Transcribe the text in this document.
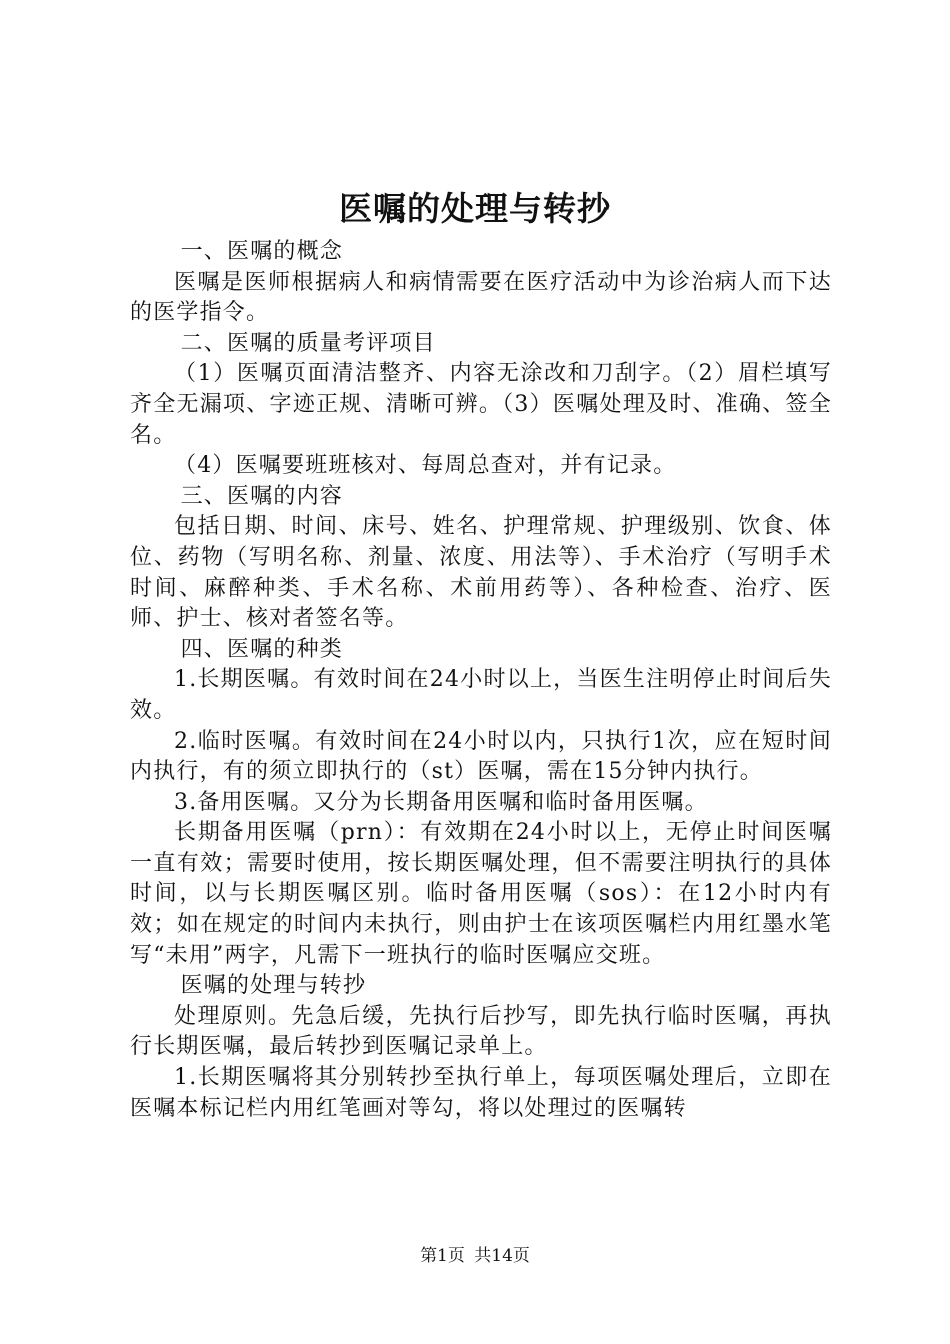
医嘱的处理与转抄

一、医嘱的概念

医嘱是医师根据病人和病情需要在医疗活动中为诊治病人而下达的医学指令。

二、医嘱的质量考评项目

（1）医嘱页面清洁整齐、内容无涂改和刀刮字。（2）眉栏填写齐全无漏项、字迹正规、清晰可辨。（3）医嘱处理及时、准确、签全名。

（4）医嘱要班班核对、每周总查对，并有记录。

三、医嘱的内容

包括日期、时间、床号、姓名、护理常规、护理级别、饮食、体位、药物（写明名称、剂量、浓度、用法等）、手术治疗（写明手术时间、麻醉种类、手术名称、术前用药等）、各种检查、治疗、医师、护士、核对者签名等。

四、医嘱的种类

1.长期医嘱。有效时间在24小时以上，当医生注明停止时间后失效。

2.临时医嘱。有效时间在24小时以内，只执行1次，应在短时间内执行，有的须立即执行的（st）医嘱，需在15分钟内执行。

3.备用医嘱。又分为长期备用医嘱和临时备用医嘱。

长期备用医嘱（prn）：有效期在24小时以上，无停止时间医嘱一直有效；需要时使用，按长期医嘱处理，但不需要注明执行的具体时间，以与长期医嘱区别。临时备用医嘱（sos）：在12小时内有效；如在规定的时间内未执行，则由护士在该项医嘱栏内用红墨水笔写“未用”两字，凡需下一班执行的临时医嘱应交班。

医嘱的处理与转抄

处理原则。先急后缓，先执行后抄写，即先执行临时医嘱，再执行长期医嘱，最后转抄到医嘱记录单上。

1.长期医嘱将其分别转抄至执行单上，每项医嘱处理后，立即在医嘱本标记栏内用红笔画对等勾，将以处理过的医嘱转

第1页 共14页
